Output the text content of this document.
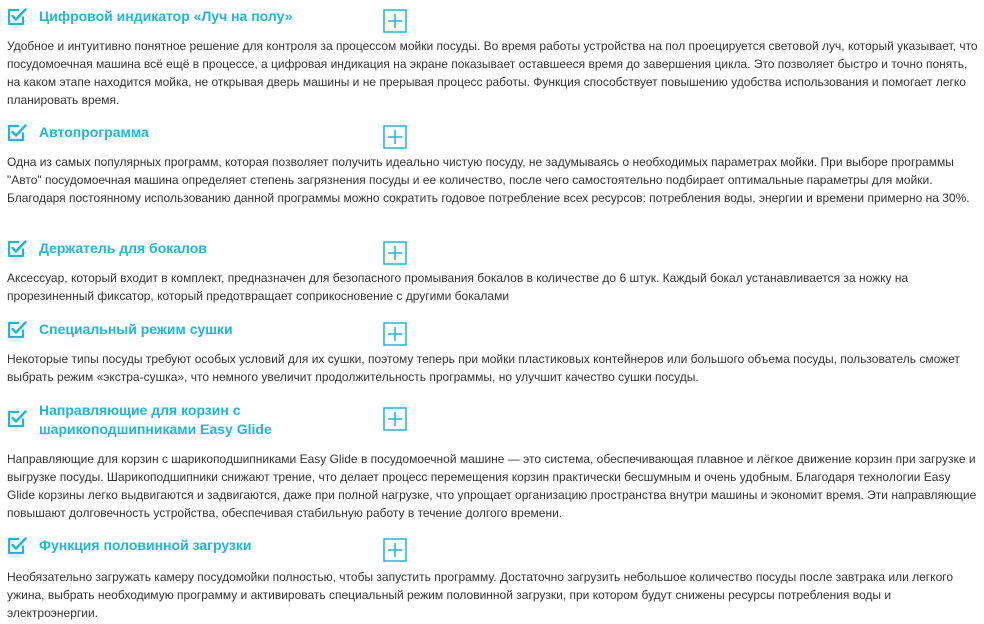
Цифровой индикатор «Луч на полу»

Удобное и интуитивно понятное решение для контроля за процессом мойки посуды. Во время работы устройства на пол проецируется световой луч, который указывает, что посудомоечная машина всё ещё в процессе, а цифровая индикация на экране показывает оставшееся время до завершения цикла. Это позволяет быстро и точно понять, на каком этапе находится мойка, не открывая дверь машины и не прерывая процесс работы. Функция способствует повышению удобства использования и помогает легко планировать время.

Автопрограмма

Одна из самых популярных программ, которая позволяет получить идеально чистую посуду, не задумываясь о необходимых параметрах мойки. При выборе программы "Авто" посудомоечная машина определяет степень загрязнения посуды и ее количество, после чего самостоятельно подбирает оптимальные параметры для мойки. Благодаря постоянному использованию данной программы можно сократить годовое потребление всех ресурсов: потребления воды, энергии и времени примерно на 30%.

Держатель для бокалов

Аксессуар, который входит в комплект, предназначен для безопасного промывания бокалов в количестве до 6 штук. Каждый бокал устанавливается за ножку на прорезиненный фиксатор, который предотвращает соприкосновение с другими бокалами

Специальный режим сушки

Некоторые типы посуды требуют особых условий для их сушки, поэтому теперь при мойки пластиковых контейнеров или большого объема посуды, пользователь сможет выбрать режим «экстра-сушка», что немного увеличит продолжительность программы, но улучшит качество сушки посуды.

Направляющие для корзин с шарикоподшипниками Easy Glide

Направляющие для корзин с шарикоподшипниками Easy Glide в посудомоечной машине — это система, обеспечивающая плавное и лёгкое движение корзин при загрузке и выгрузке посуды. Шарикоподшипники снижают трение, что делает процесс перемещения корзин практически бесшумным и очень удобным. Благодаря технологии Easy Glide корзины легко выдвигаются и задвигаются, даже при полной нагрузке, что упрощает организацию пространства внутри машины и экономит время. Эти направляющие повышают долговечность устройства, обеспечивая стабильную работу в течение долгого времени.

Функция половинной загрузки

Необязательно загружать камеру посудомойки полностью, чтобы запустить программу. Достаточно загрузить небольшое количество посуды после завтрака или легкого ужина, выбрать необходимую программу и активировать специальный режим половинной загрузки, при котором будут снижены ресурсы потребления воды и электроэнергии.
